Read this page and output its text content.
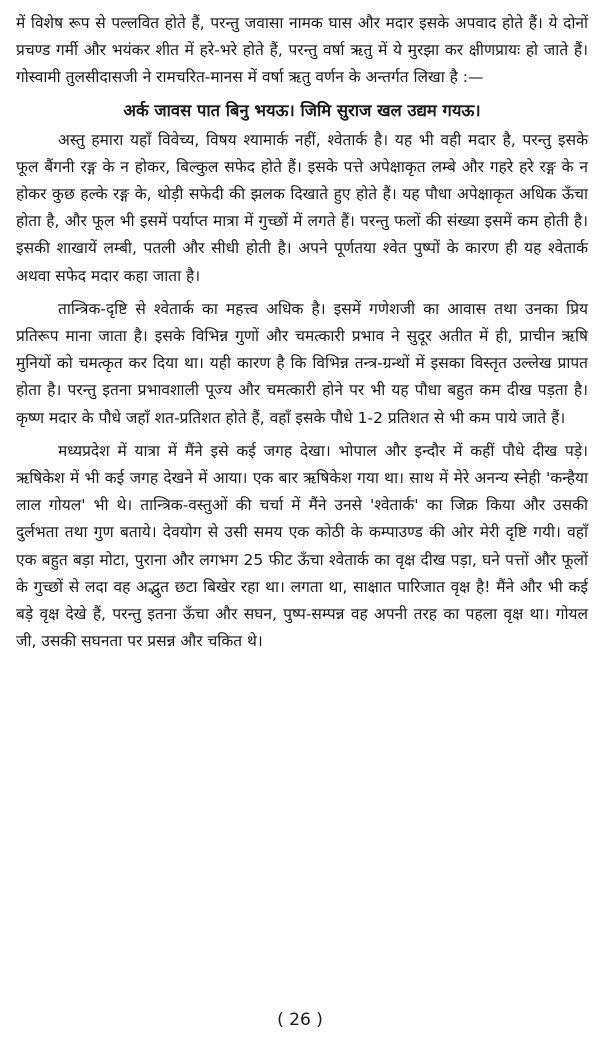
में विशेष रूप से पल्लवित होते हैं, परन्तु जवासा नामक घास और मदार इसके अपवाद होते हैं। ये दोनों प्रचण्ड गर्मी और भयंकर शीत में हरे-भरे होते हैं, परन्तु वर्षा ऋतु में ये मुरझा कर क्षीणप्रायः हो जाते हैं। गोस्वामी तुलसीदासजी ने रामचरित-मानस में वर्षा ऋतु वर्णन के अन्तर्गत लिखा है :—

अर्क जावस पात बिनु भयऊ। जिमि सुराज खल उद्यम गयऊ।

अस्तु हमारा यहाँ विवेच्य, विषय श्यामार्क नहीं, श्वेतार्क है। यह भी वही मदार है, परन्तु इसके फूल बैंगनी रङ्ग के न होकर, बिल्कुल सफेद होते हैं। इसके पत्ते अपेक्षाकृत लम्बे और गहरे हरे रङ्ग के न होकर कुछ हल्के रङ्ग के, थोड़ी सफेदी की झलक दिखाते हुए होते हैं। यह पौधा अपेक्षाकृत अधिक ऊँचा होता है, और फूल भी इसमें पर्याप्त मात्रा में गुच्छों में लगते हैं। परन्तु फलों की संख्या इसमें कम होती है। इसकी शाखायें लम्बी, पतली और सीधी होती है। अपने पूर्णतया श्वेत पुष्पों के कारण ही यह श्वेतार्क अथवा सफेद मदार कहा जाता है।

तान्त्रिक-दृष्टि से श्वेतार्क का महत्त्व अधिक है। इसमें गणेशजी का आवास तथा उनका प्रिय प्रतिरूप माना जाता है। इसके विभिन्न गुणों और चमत्कारी प्रभाव ने सुदूर अतीत में ही, प्राचीन ऋषि मुनियों को चमत्कृत कर दिया था। यही कारण है कि विभिन्न तन्त्र-ग्रन्थों में इसका विस्तृत उल्लेख प्रापत होता है। परन्तु इतना प्रभावशाली पूज्य और चमत्कारी होने पर भी यह पौधा बहुत कम दीख पड़ता है। कृष्ण मदार के पौधे जहाँ शत-प्रतिशत होते हैं, वहाँ इसके पौधे 1-2 प्रतिशत से भी कम पाये जाते हैं।

मध्यप्रदेश में यात्रा में मैंने इसे कई जगह देखा। भोपाल और इन्दौर में कहीं पौधे दीख पड़े। ऋषिकेश में भी कई जगह देखने में आया। एक बार ऋषिकेश गया था। साथ में मेरे अनन्य स्नेही 'कन्हैया लाल गोयल' भी थे। तान्त्रिक-वस्तुओं की चर्चा में मैंने उनसे 'श्वेतार्क' का जिक्र किया और उसकी दुर्लभता तथा गुण बताये। देवयोग से उसी समय एक कोठी के कम्पाउण्ड की ओर मेरी दृष्टि गयी। वहाँ एक बहुत बड़ा मोटा, पुराना और लगभग 25 फीट ऊँचा श्वेतार्क का वृक्ष दीख पड़ा, घने पत्तों और फूलों के गुच्छों से लदा वह अद्भुत छटा बिखेर रहा था। लगता था, साक्षात पारिजात वृक्ष है! मैंने और भी कई बड़े वृक्ष देखे हैं, परन्तु इतना ऊँचा और सघन, पुष्प-सम्पन्न वह अपनी तरह का पहला वृक्ष था। गोयल जी, उसकी सघनता पर प्रसन्न और चकित थे।

( 26 )
